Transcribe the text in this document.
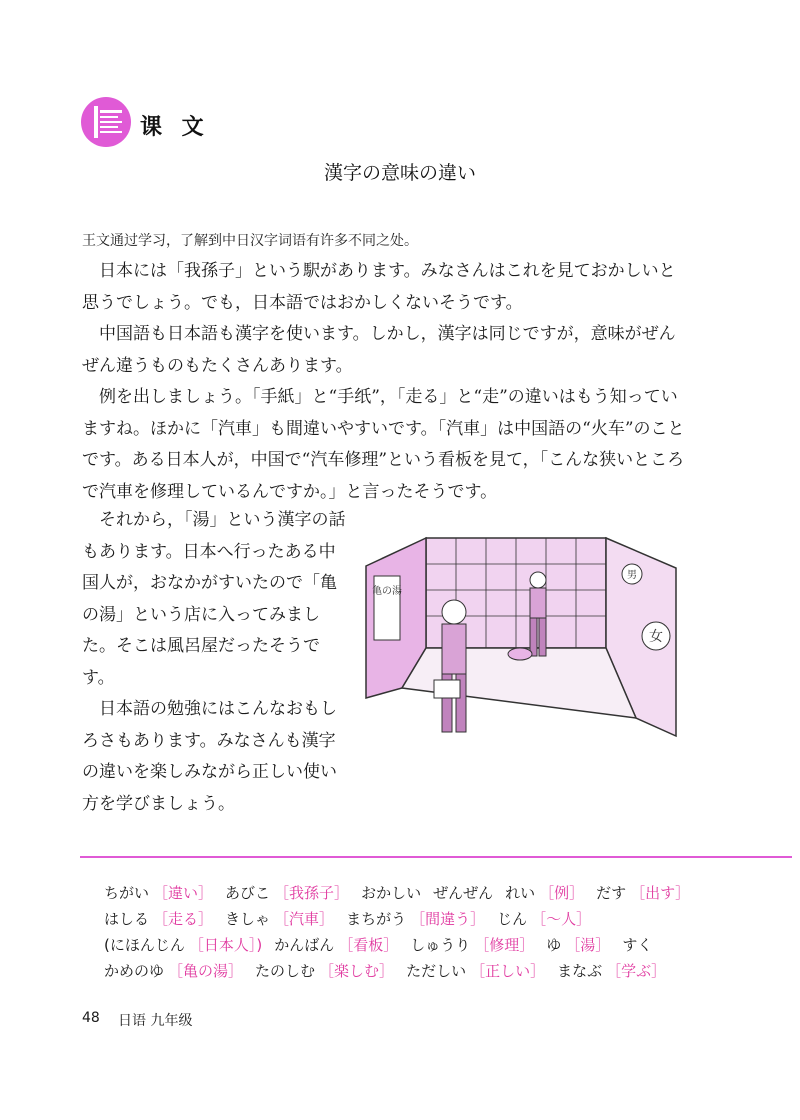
课 文
漢字の意味の違い
王文通过学习，了解到中日汉字词语有许多不同之处。

日本には「我孫子」という駅があります。みなさんはこれを見ておかしいと思うでしょう。でも，日本語ではおかしくないそうです。

中国語も日本語も漢字を使います。しかし，漢字は同じですが，意味がぜんぜん違うものもたくさんあります。

例を出しましょう。「手紙」と“手纸”，「走る」と“走”の違いはもう知っていますね。ほかに「汽車」も間違いやすいです。「汽車」は中国語の“火车”のことです。ある日本人が，中国で“汽车修理”という看板を見て，「こんな狭いところで汽車を修理しているんですか。」と言ったそうです。

それから，「湯」という漢字の話もあります。日本へ行ったある中国人が，おなかがすいたので「亀の湯」という店に入ってみました。そこは風呂屋だったそうです。

日本語の勉強にはこんなおもしろさもあります。みなさんも漢字の違いを楽しみながら正しい使い方を学びましょう。

亀の湯
男
女
ちがい ［違い］ あびこ ［我孫子］ おかしい ぜんぜん れい ［例］ だす ［出す］
はしる ［走る］ きしゃ ［汽車］ まちがう ［間違う］ じん ［～人］
(にほんじん ［日本人］) かんばん ［看板］ しゅうり ［修理］ ゆ ［湯］ すく
かめのゆ ［亀の湯］ たのしむ ［楽しむ］ ただしい ［正しい］ まなぶ ［学ぶ］
48 日语 九年级
